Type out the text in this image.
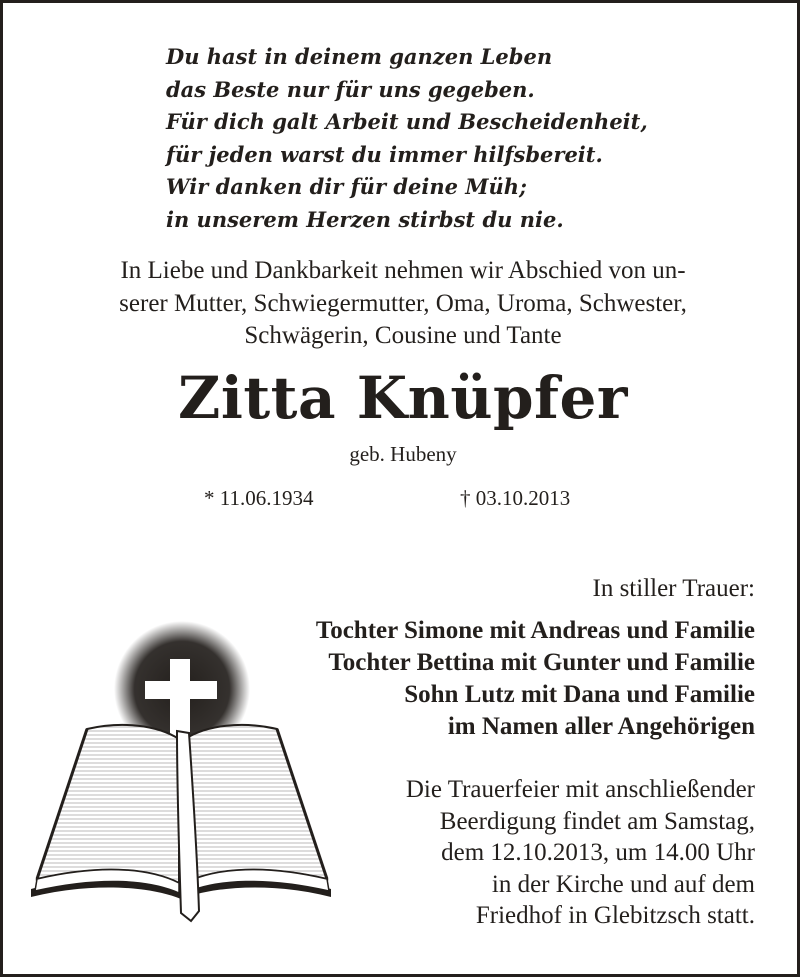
Du hast in deinem ganzen Leben
das Beste nur für uns gegeben.
Für dich galt Arbeit und Bescheidenheit,
für jeden warst du immer hilfsbereit.
Wir danken dir für deine Müh;
in unserem Herzen stirbst du nie.
In Liebe und Dankbarkeit nehmen wir Abschied von un-
serer Mutter, Schwiegermutter, Oma, Uroma, Schwester,
Schwägerin, Cousine und Tante
Zitta Knüpfer
geb. Hubeny
* 11.06.1934	† 03.10.2013
In stiller Trauer:
Tochter Simone mit Andreas und Familie
Tochter Bettina mit Gunter und Familie
Sohn Lutz mit Dana und Familie
im Namen aller Angehörigen
Die Trauerfeier mit anschließender
Beerdigung findet am Samstag,
dem 12.10.2013, um 14.00 Uhr
in der Kirche und auf dem
Friedhof in Glebitzsch statt.
